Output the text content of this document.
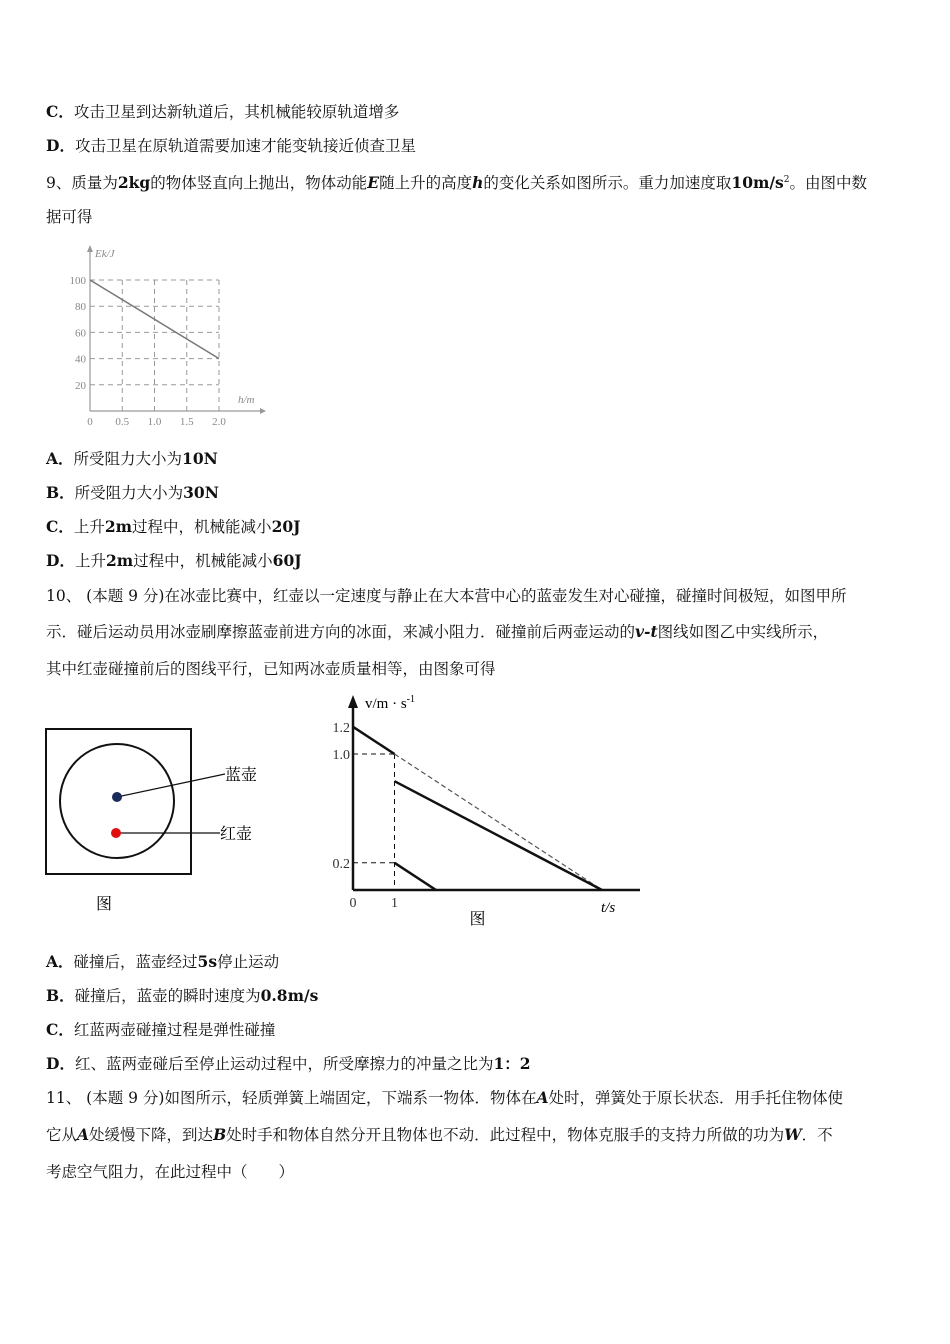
C．攻击卫星到达新轨道后，其机械能较原轨道增多
D．攻击卫星在原轨道需要加速才能变轨接近侦查卫星
9、质量为2kg的物体竖直向上抛出，物体动能E随上升的高度h的变化关系如图所示。重力加速度取$10m/s^2$。由图中数
据可得
0 0.5 1.0 1.5 2.0
20
40
60
80
100
Ek/J
h/m
A．所受阻力大小为10N
B．所受阻力大小为30N
C．上升2m过程中，机械能减小20J
D．上升2m过程中，机械能减小60J
10、 (本题 9 分)在冰壶比赛中，红壶以一定速度与静止在大本营中心的蓝壶发生对心碰撞，碰撞时间极短，如图甲所
示．碰后运动员用冰壶刷摩擦蓝壶前进方向的冰面，来减小阻力．碰撞前后两壶运动的v-t图线如图乙中实线所示，
其中红壶碰撞前后的图线平行，已知两冰壶质量相等，由图象可得
蓝壶
红壶
图
$v/m \cdot s^{-1}$
t/s
0 1
0.2
1.0
1.2
图
A．碰撞后，蓝壶经过5s停止运动
B．碰撞后，蓝壶的瞬时速度为0.8m/s
C．红蓝两壶碰撞过程是弹性碰撞
D．红、蓝两壶碰后至停止运动过程中，所受摩擦力的冲量之比为1：2
11、 (本题 9 分)如图所示，轻质弹簧上端固定，下端系一物体．物体在A处时，弹簧处于原长状态．用手托住物体使
它从A处缓慢下降，到达B处时手和物体自然分开且物体也不动．此过程中，物体克服手的支持力所做的功为W．不
考虑空气阻力，在此过程中（　　）
